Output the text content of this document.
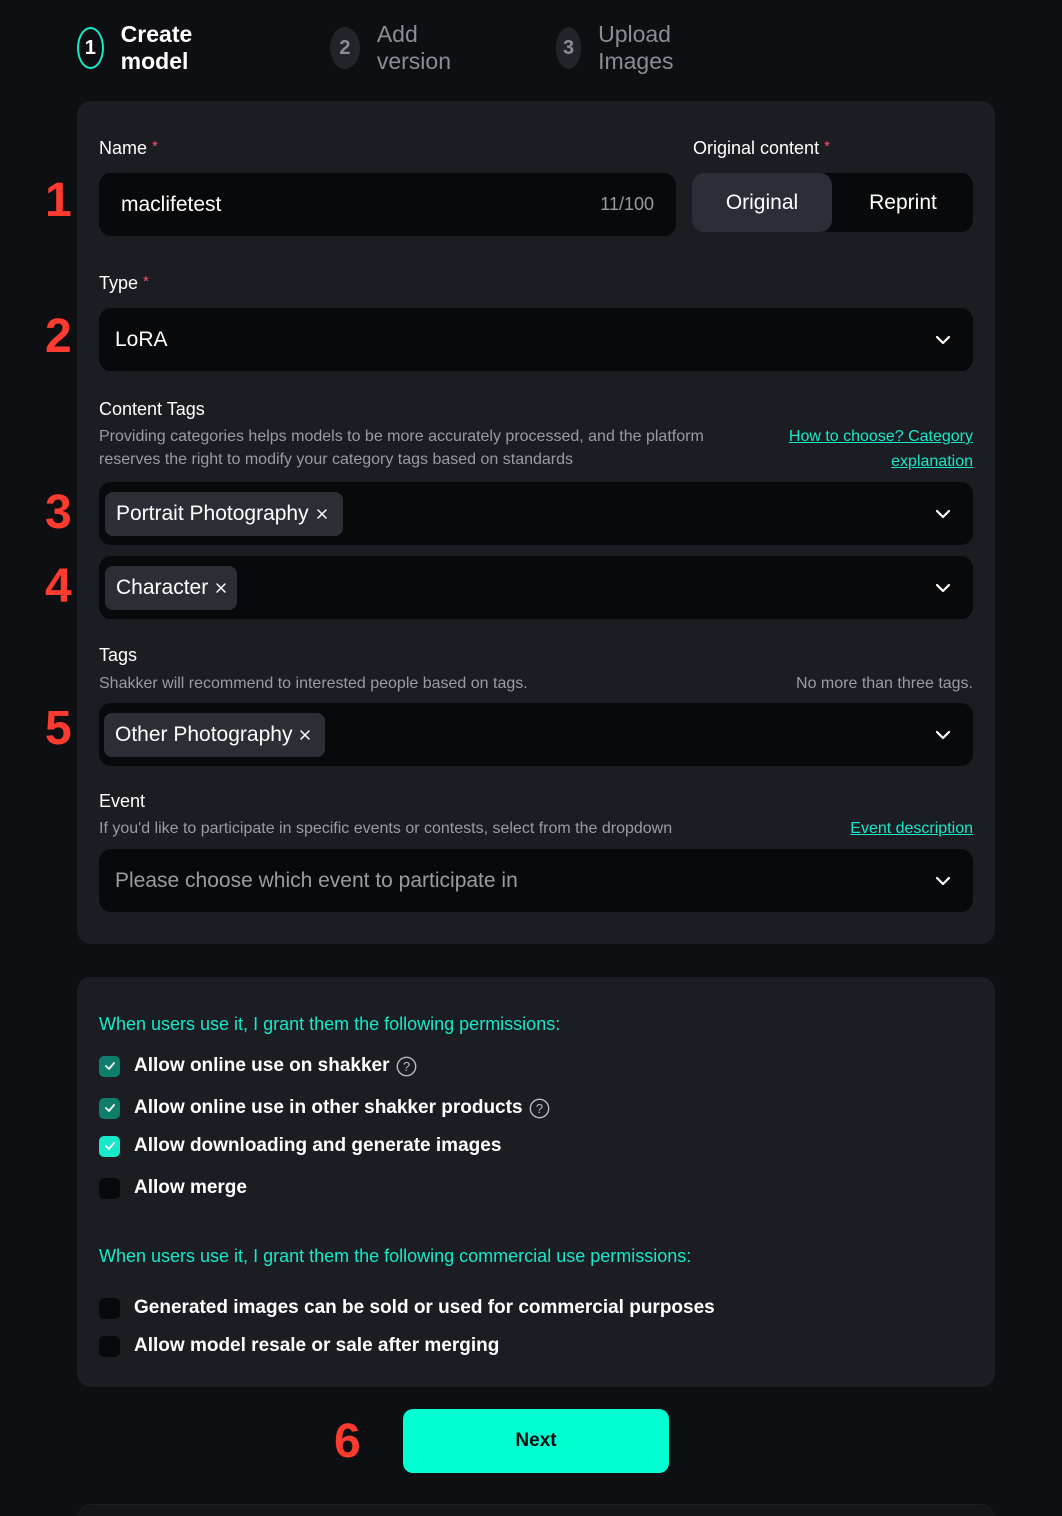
1
Create model
2
Add version
3
Upload Images
Name *
maclifetest	11/100
Original content *
Original	Reprint
Type *
LoRA
Content Tags
Providing categories helps models to be more accurately processed, and the platform reserves the right to modify your category tags based on standards
How to choose? Category
explanation
Portrait Photography
Character
Tags
Shakker will recommend to interested people based on tags.	No more than three tags.
Other Photography
Event
If you'd like to participate in specific events or contests, select from the dropdown	Event description
Please choose which event to participate in
When users use it, I grant them the following permissions:
Allow online use on shakker ?
Allow online use in other shakker products ?
Allow downloading and generate images
Allow merge
When users use it, I grant them the following commercial use permissions:
Generated images can be sold or used for commercial purposes
Allow model resale or sale after merging
Next
1
2
3
4
5
6
